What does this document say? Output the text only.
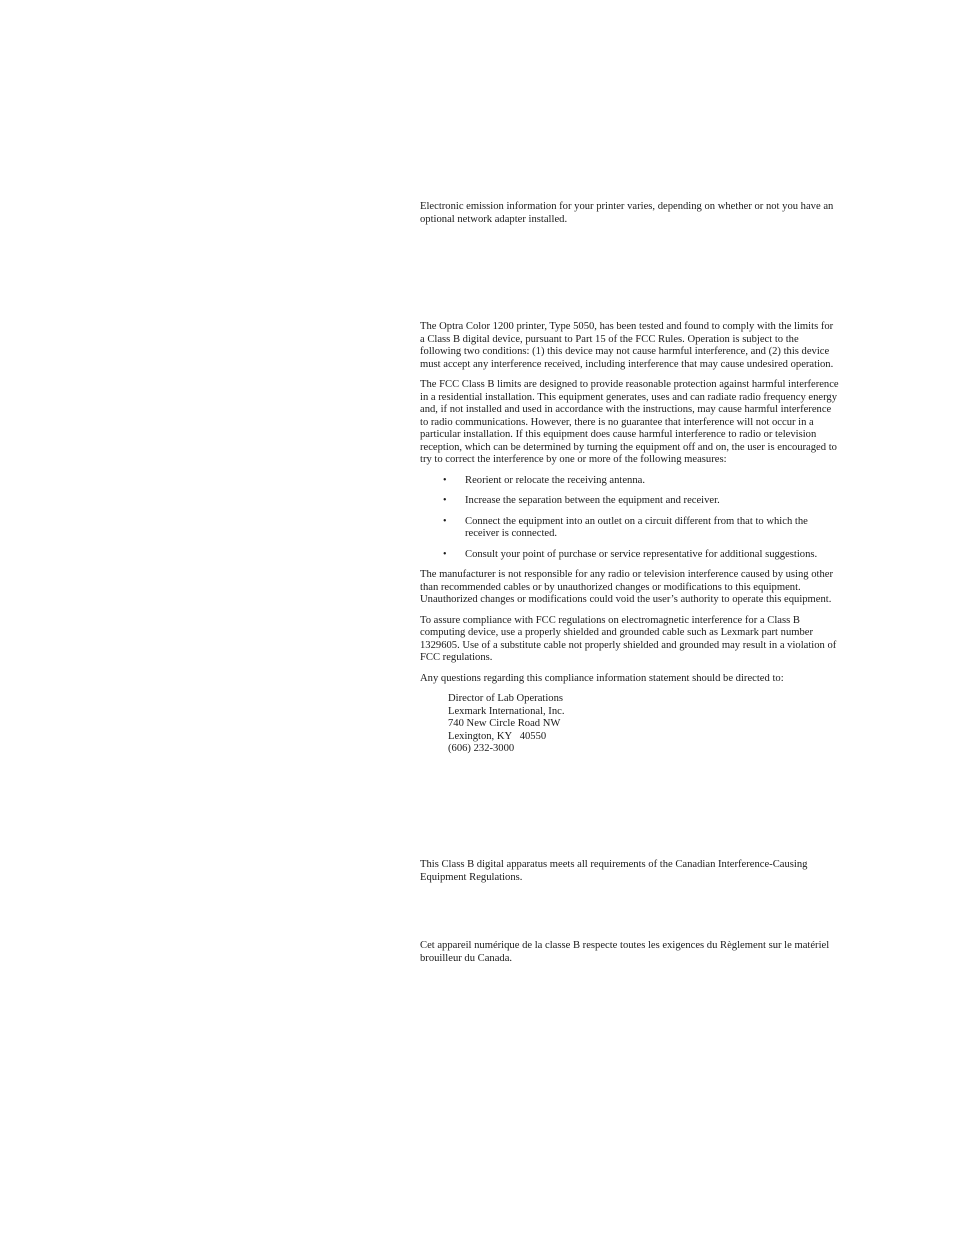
Electronic emission information for your printer varies, depending on whether or not you have an optional network adapter installed.

The Optra Color 1200 printer, Type 5050, has been tested and found to comply with the limits for a Class B digital device, pursuant to Part 15 of the FCC Rules. Operation is subject to the following two conditions: (1) this device may not cause harmful interference, and (2) this device must accept any interference received, including interference that may cause undesired operation.

The FCC Class B limits are designed to provide reasonable protection against harmful interference in a residential installation. This equipment generates, uses and can radiate radio frequency energy and, if not installed and used in accordance with the instructions, may cause harmful interference to radio communications. However, there is no guarantee that interference will not occur in a particular installation. If this equipment does cause harmful interference to radio or television reception, which can be determined by turning the equipment off and on, the user is encouraged to try to correct the interference by one or more of the following measures:

• Reorient or relocate the receiving antenna.
• Increase the separation between the equipment and receiver.
• Connect the equipment into an outlet on a circuit different from that to which the receiver is connected.
• Consult your point of purchase or service representative for additional suggestions.

The manufacturer is not responsible for any radio or television interference caused by using other than recommended cables or by unauthorized changes or modifications to this equipment. Unauthorized changes or modifications could void the user’s authority to operate this equipment.

To assure compliance with FCC regulations on electromagnetic interference for a Class B computing device, use a properly shielded and grounded cable such as Lexmark part number 1329605. Use of a substitute cable not properly shielded and grounded may result in a violation of FCC regulations.

Any questions regarding this compliance information statement should be directed to:

Director of Lab Operations
Lexmark International, Inc.
740 New Circle Road NW
Lexington, KY   40550
(606) 232-3000

This Class B digital apparatus meets all requirements of the Canadian Interference-Causing Equipment Regulations.

Cet appareil numérique de la classe B respecte toutes les exigences du Règlement sur le matériel brouilleur du Canada.
